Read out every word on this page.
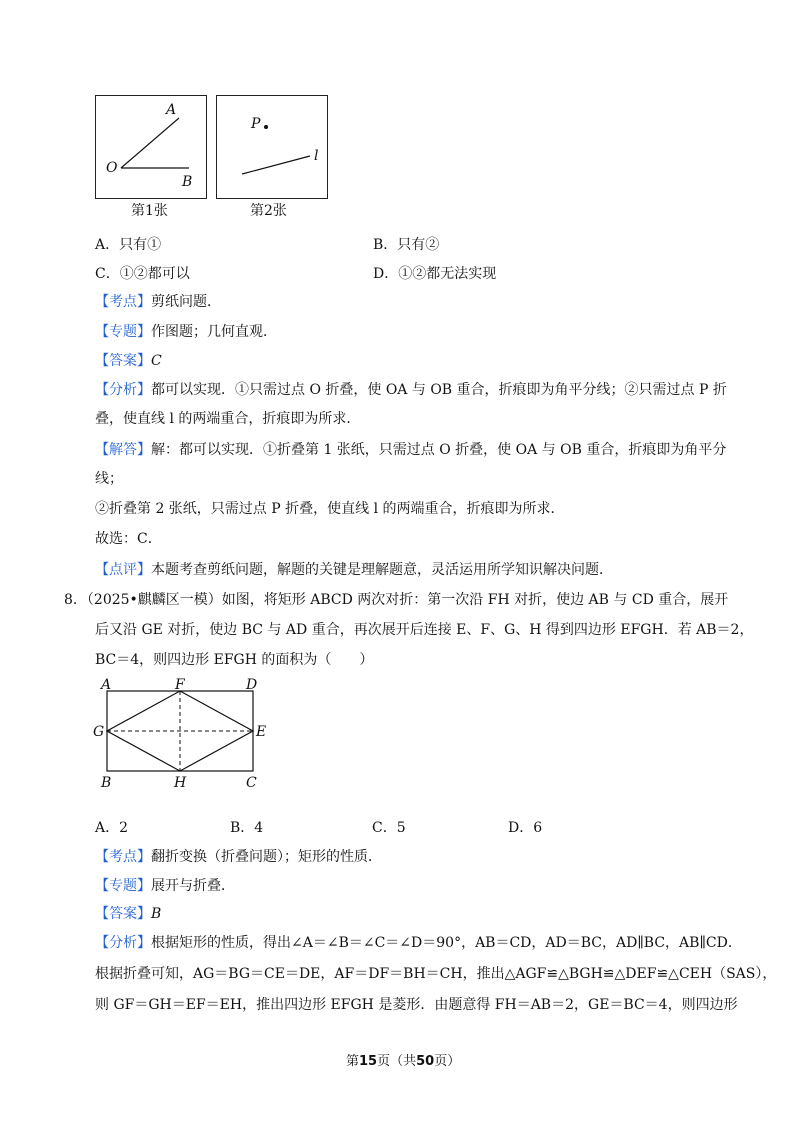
A
O
B
第1张
P
l
第2张
A．只有①	B．只有②
C．①②都可以	D．①②都无法实现
【考点】剪纸问题．
【专题】作图题；几何直观．
【答案】C
【分析】都可以实现．①只需过点 O 折叠，使 OA 与 OB 重合，折痕即为角平分线；②只需过点 P 折
叠，使直线 l 的两端重合，折痕即为所求．
【解答】解：都可以实现．①折叠第 1 张纸，只需过点 O 折叠，使 OA 与 OB 重合，折痕即为角平分
线；
②折叠第 2 张纸，只需过点 P 折叠，使直线 l 的两端重合，折痕即为所求．
故选：C．
【点评】本题考查剪纸问题，解题的关键是理解题意，灵活运用所学知识解决问题．
8．（2025•麒麟区一模）如图，将矩形 ABCD 两次对折：第一次沿 FH 对折，使边 AB 与 CD 重合，展开
后又沿 GE 对折，使边 BC 与 AD 重合，再次展开后连接 E、F、G、H 得到四边形 EFGH．若 AB＝2，
BC＝4，则四边形 EFGH 的面积为（　　）
A	F	D
G	E
B	H	C
A．2	B．4	C．5	D．6
【考点】翻折变换（折叠问题）；矩形的性质．
【专题】展开与折叠．
【答案】B
【分析】根据矩形的性质，得出∠A＝∠B＝∠C＝∠D＝90°，AB＝CD，AD＝BC，AD∥BC，AB∥CD．
根据折叠可知，AG＝BG＝CE＝DE，AF＝DF＝BH＝CH，推出△AGF≌△BGH≌△DEF≌△CEH（SAS），
则 GF＝GH＝EF＝EH，推出四边形 EFGH 是菱形．由题意得 FH＝AB＝2，GE＝BC＝4，则四边形
第15页（共50页）
